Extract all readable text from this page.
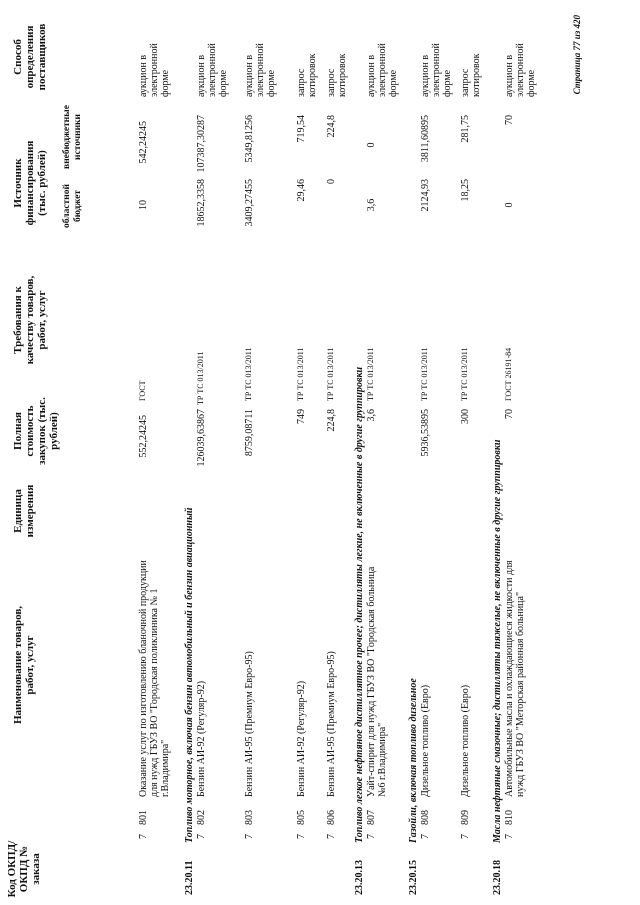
Код ОКПД/ ОКПД № заказа
Наименование товаров, работ, услуг
Единица измерения
Полная стоимость закупок (тыс. рублей)
Требования к качеству товаров, работ, услуг
Источник финансирования (тыс. рублей) областной бюджет
внебюджетные источники
Способ определения поставщиков
7
801
Оказание услуг по изготовлению бланочной продукции для нужд ГБУЗ ВО "Городская поликлиника № 1 г.Владимира"
552,24245
ГОСТ
10
542,24245
аукцион в электронной форме
23.20.11
Топливо моторное, включая бензин автомобильный и бензин авиационный 7
802
Бензин АИ-92 (Регуляр-92)
126039,63867
ТР ТС 013/2011
18652,3358
107387,30287
аукцион в электронной форме
7
803
Бензин АИ-95 (Премиум Евро-95)
8759,08711
ТР ТС 013/2011
3409,27455
5349,81256
аукцион в электронной форме
7
805
Бензин АИ-92 (Регуляр-92)
749
ТР ТС 013/2011
29,46
719,54
запрос котировок
7
806
Бензин АИ-95 (Премиум Евро-95)
224,8
ТР ТС 013/2011
0
224,8
запрос котировок
23.20.13
Топливо легкое нефтяное дистиллятное прочее; дистилляты легкие, не включенные в другие группировки 7
807
Уайт-спирит для нужд ГБУЗ ВО "Городская больница №6 г.Владимира"
3,6
ТР ТС 013/2011
3,6
0
аукцион в электронной форме
23.20.15
Газойли, включая топливо дизельное 7
808
Дизельное топливо (Евро)
5936,53895
ТР ТС 013/2011
2124,93
3811,60895
аукцион в электронной форме
7
809
Дизельное топливо (Евро)
300
ТР ТС 013/2011
18,25
281,75
запрос котировок
23.20.18
Масла нефтяные смазочные; дистилляты тяжелые, не включенные в другие группировки 7
810
Автомобильные масла и охлаждающиеся жидкости для нужд ГБУЗ ВО "Меторская районная больница"
70
ГОСТ 26191-84
0
70
аукцион в электронной форме	Страница 77 из 420
